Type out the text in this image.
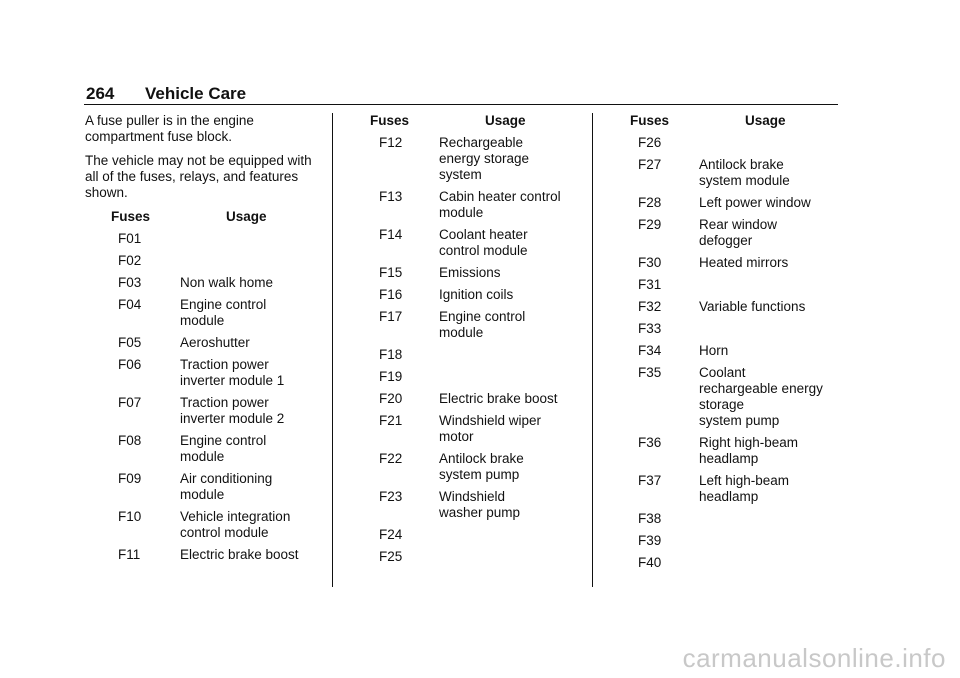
264 Vehicle Care

A fuse puller is in the engine compartment fuse block.

The vehicle may not be equipped with all of the fuses, relays, and features shown.

Fuses	Usage
F01
F02
F03	Non walk home
F04	Engine control
module
F05	Aeroshutter
F06	Traction power
inverter module 1
F07	Traction power
inverter module 2
F08	Engine control
module
F09	Air conditioning
module
F10	Vehicle integration
control module
F11	Electric brake boost
Fuses	Usage
F12	Rechargeable
energy storage
system
F13	Cabin heater control
module
F14	Coolant heater
control module
F15	Emissions
F16	Ignition coils
F17	Engine control
module
F18
F19
F20	Electric brake boost
F21	Windshield wiper
motor
F22	Antilock brake
system pump
F23	Windshield
washer pump
F24
F25
Fuses	Usage
F26
F27	Antilock brake
system module
F28	Left power window
F29	Rear window
defogger
F30	Heated mirrors
F31
F32	Variable functions
F33
F34	Horn
F35	Coolant
rechargeable energy
storage
system pump
F36	Right high-beam
headlamp
F37	Left high-beam
headlamp
F38
F39
F40
carmanualsonline.info
